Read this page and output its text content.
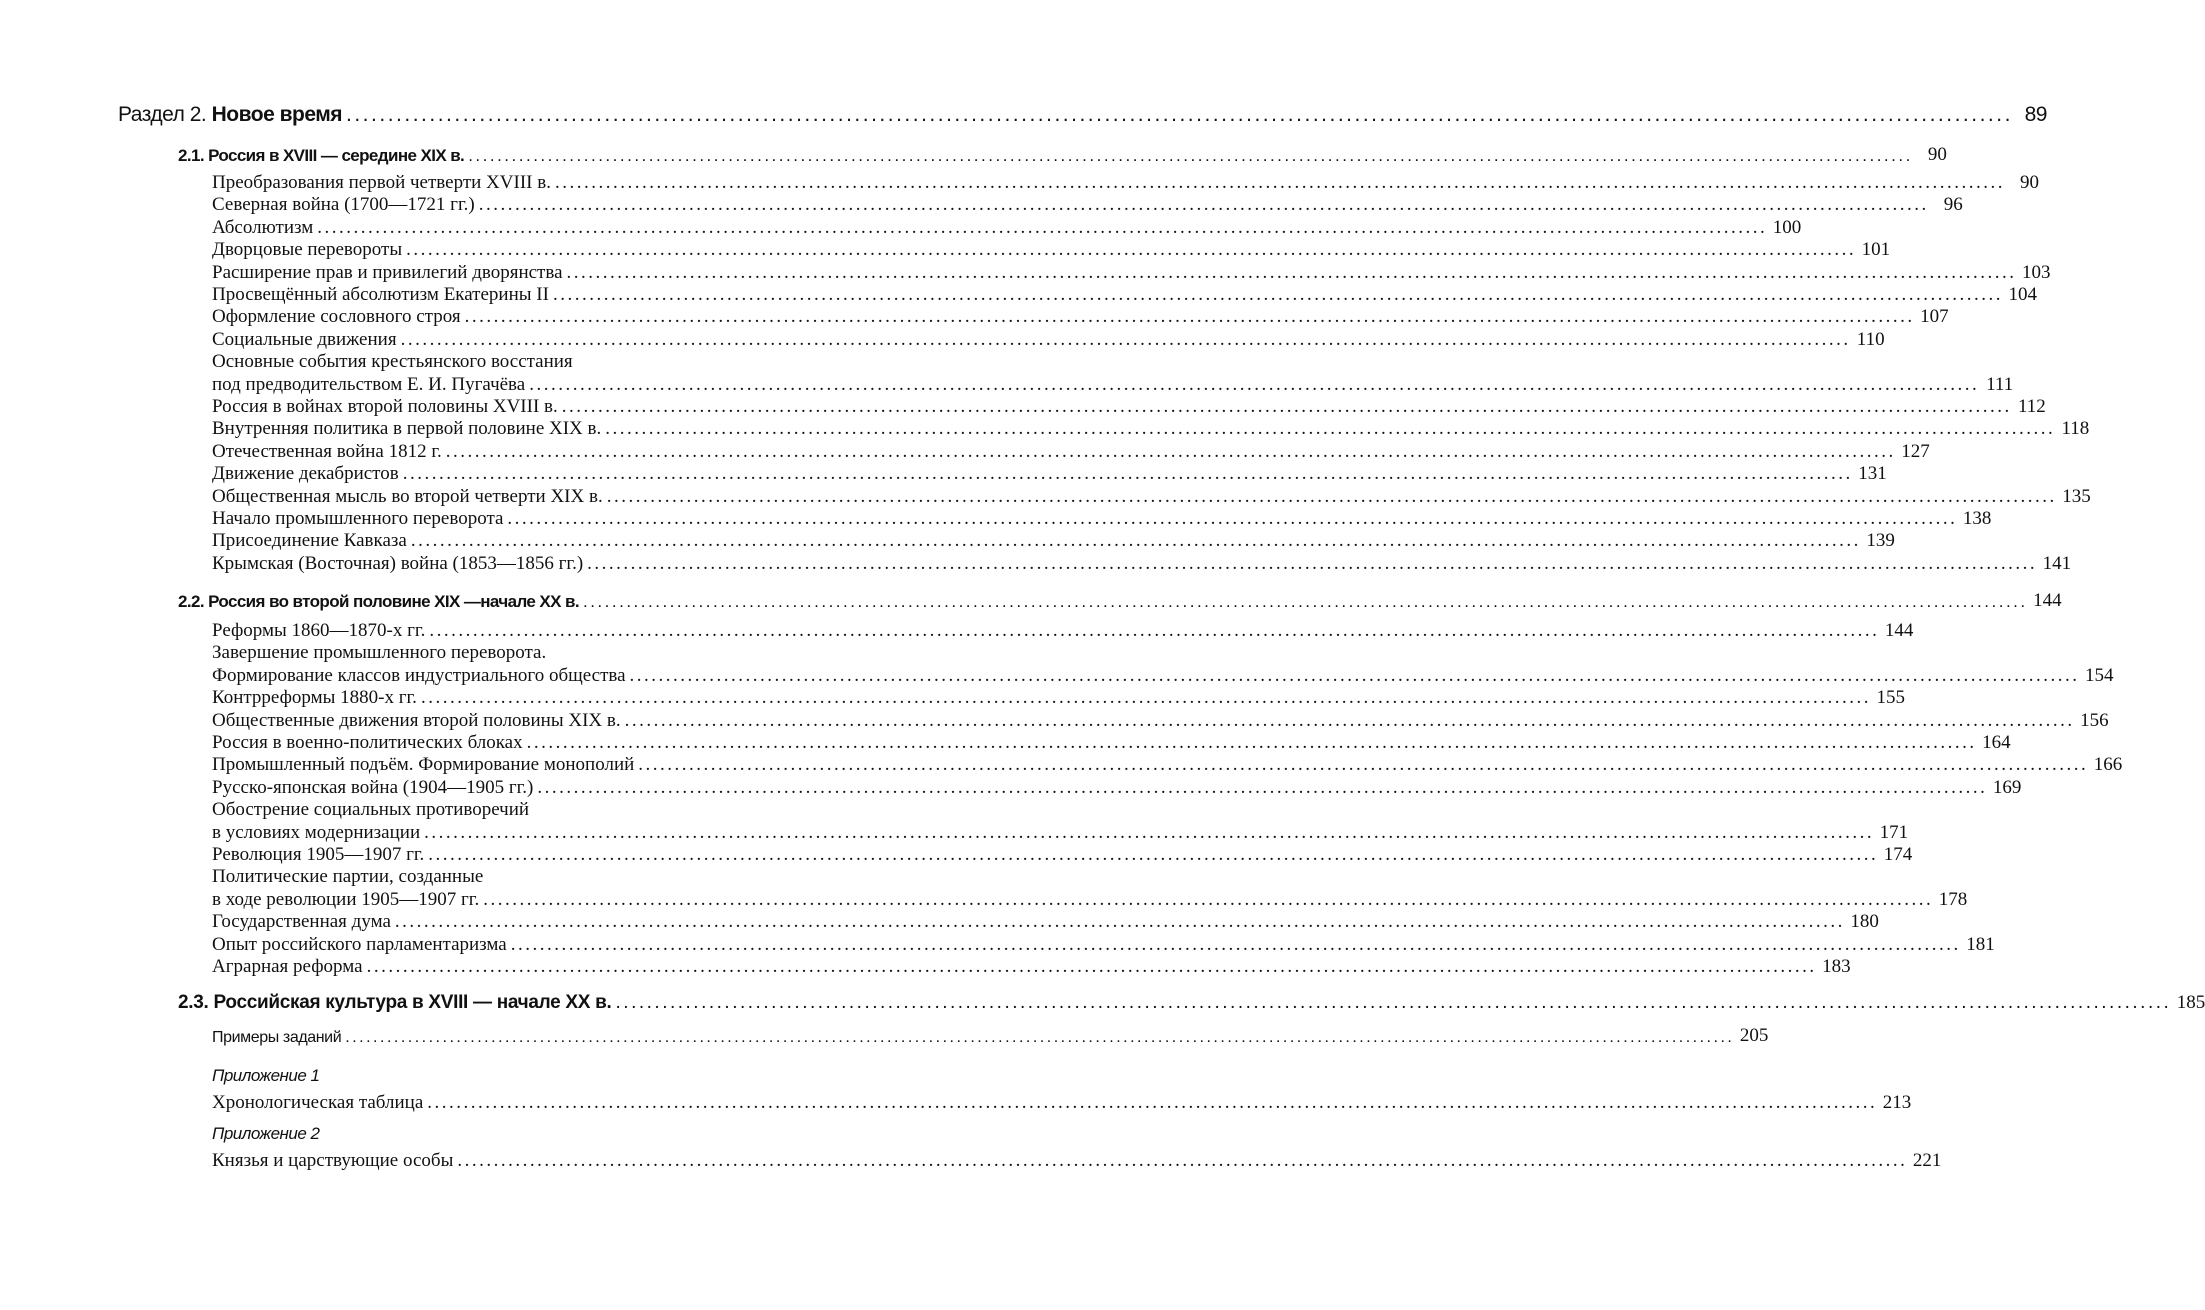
Раздел 2. Новое время ........................................................................................................................................................................................................ 89
2.1. Россия в XVIII — середине XIX в. ........................................................................................................................................................................................................ 90
Преобразования первой четверти XVIII в. ........................................................................................................................................................................................................ 90
Северная война (1700—1721 гг.) ........................................................................................................................................................................................................ 96
Абсолютизм ........................................................................................................................................................................................................ 100
Дворцовые перевороты ........................................................................................................................................................................................................ 101
Расширение прав и привилегий дворянства ........................................................................................................................................................................................................ 103
Просвещённый абсолютизм Екатерины II ........................................................................................................................................................................................................ 104
Оформление сословного строя ........................................................................................................................................................................................................ 107
Социальные движения ........................................................................................................................................................................................................ 110
Основные события крестьянского восстания
под предводительством Е. И. Пугачёва ........................................................................................................................................................................................................ 111
Россия в войнах второй половины XVIII в. ........................................................................................................................................................................................................ 112
Внутренняя политика в первой половине XIX в. ........................................................................................................................................................................................................ 118
Отечественная война 1812 г. ........................................................................................................................................................................................................ 127
Движение декабристов ........................................................................................................................................................................................................ 131
Общественная мысль во второй четверти XIX в. ........................................................................................................................................................................................................ 135
Начало промышленного переворота ........................................................................................................................................................................................................ 138
Присоединение Кавказа ........................................................................................................................................................................................................ 139
Крымская (Восточная) война (1853—1856 гг.) ........................................................................................................................................................................................................ 141
2.2. Россия во второй половине XIX —начале XX в. ........................................................................................................................................................................................................ 144
Реформы 1860—1870-х гг. ........................................................................................................................................................................................................ 144
Завершение промышленного переворота.
Формирование классов индустриального общества ........................................................................................................................................................................................................ 154
Контрреформы 1880-х гг. ........................................................................................................................................................................................................ 155
Общественные движения второй половины XIX в. ........................................................................................................................................................................................................ 156
Россия в военно-политических блоках ........................................................................................................................................................................................................ 164
Промышленный подъём. Формирование монополий ........................................................................................................................................................................................................ 166
Русско-японская война (1904—1905 гг.) ........................................................................................................................................................................................................ 169
Обострение социальных противоречий
в условиях модернизации ........................................................................................................................................................................................................ 171
Революция 1905—1907 гг. ........................................................................................................................................................................................................ 174
Политические партии, созданные
в ходе революции 1905—1907 гг. ........................................................................................................................................................................................................ 178
Государственная дума ........................................................................................................................................................................................................ 180
Опыт российского парламентаризма ........................................................................................................................................................................................................ 181
Аграрная реформа ........................................................................................................................................................................................................ 183
2.3. Российская культура в XVIII — начале XX в. ........................................................................................................................................................................................................ 185
Примеры заданий ........................................................................................................................................................................................................ 205
Приложение 1
Хронологическая таблица ........................................................................................................................................................................................................ 213
Приложение 2
Князья и царствующие особы ........................................................................................................................................................................................................ 221
